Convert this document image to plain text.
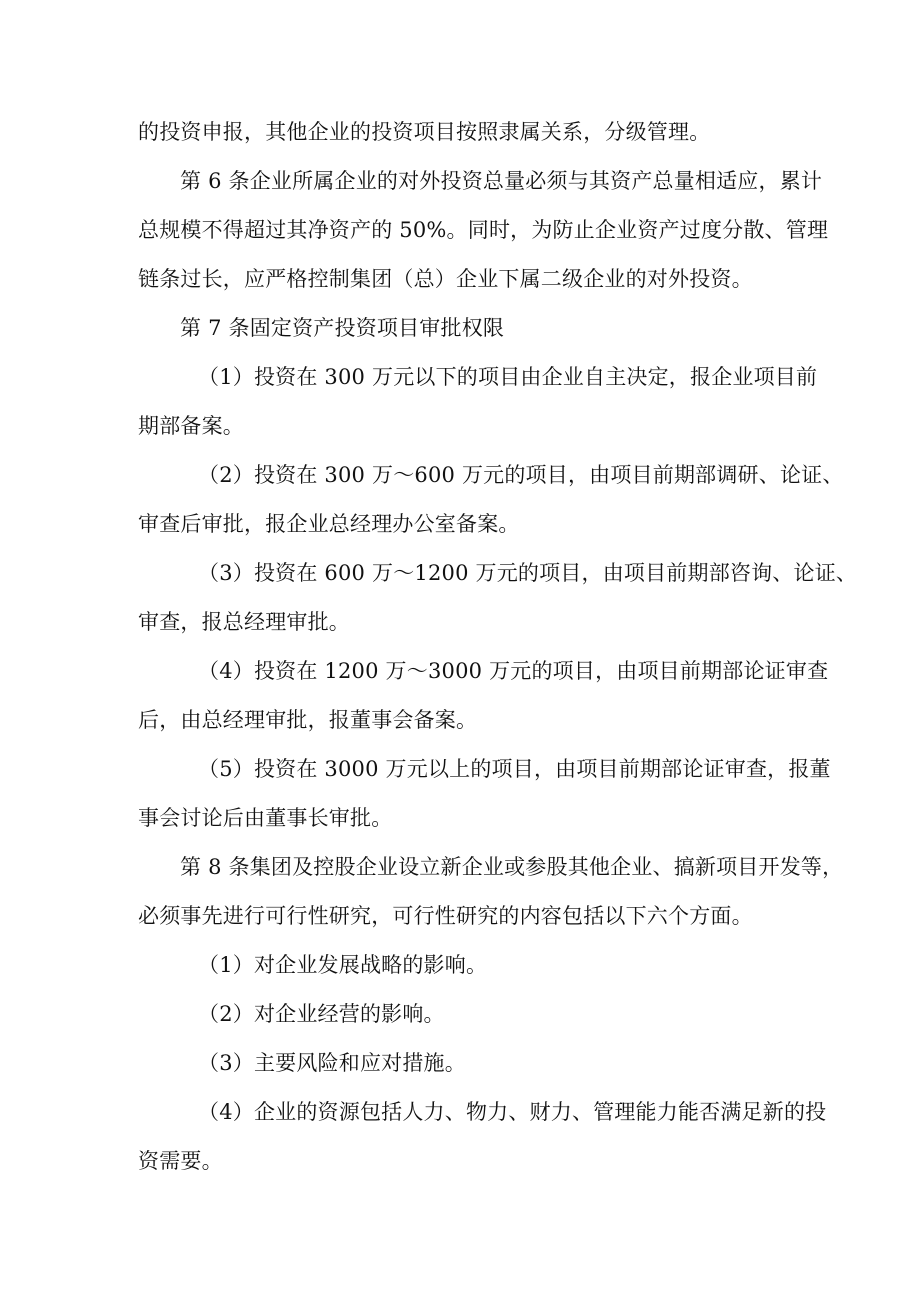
的投资申报，其他企业的投资项目按照隶属关系，分级管理。
第 6 条企业所属企业的对外投资总量必须与其资产总量相适应，累计
总规模不得超过其净资产的 50%。同时，为防止企业资产过度分散、管理
链条过长，应严格控制集团（总）企业下属二级企业的对外投资。
第 7 条固定资产投资项目审批权限
（1）投资在 300 万元以下的项目由企业自主决定，报企业项目前
期部备案。
（2）投资在 300 万～600 万元的项目，由项目前期部调研、论证、
审查后审批，报企业总经理办公室备案。
（3）投资在 600 万～1200 万元的项目，由项目前期部咨询、论证、
审查，报总经理审批。
（4）投资在 1200 万～3000 万元的项目，由项目前期部论证审查
后，由总经理审批，报董事会备案。
（5）投资在 3000 万元以上的项目，由项目前期部论证审查，报董
事会讨论后由董事长审批。
第 8 条集团及控股企业设立新企业或参股其他企业、搞新项目开发等，
必须事先进行可行性研究，可行性研究的内容包括以下六个方面。
（1）对企业发展战略的影响。
（2）对企业经营的影响。
（3）主要风险和应对措施。
（4）企业的资源包括人力、物力、财力、管理能力能否满足新的投
资需要。
